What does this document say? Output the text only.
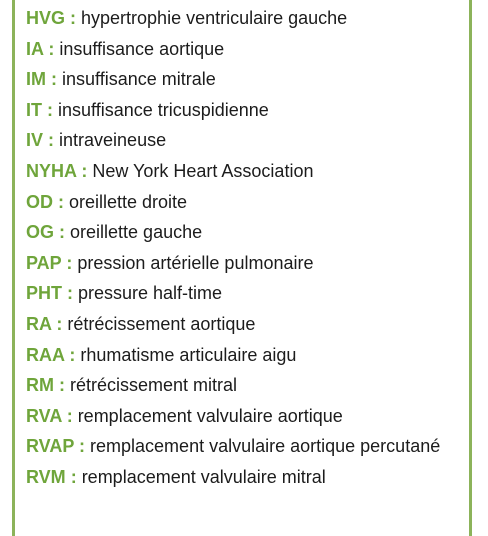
HVG : hypertrophie ventriculaire gauche
IA : insuffisance aortique
IM : insuffisance mitrale
IT : insuffisance tricuspidienne
IV : intraveineuse
NYHA : New York Heart Association
OD : oreillette droite
OG : oreillette gauche
PAP : pression artérielle pulmonaire
PHT : pressure half-time
RA : rétrécissement aortique
RAA : rhumatisme articulaire aigu
RM : rétrécissement mitral
RVA : remplacement valvulaire aortique
RVAP : remplacement valvulaire aortique percutané
RVM : remplacement valvulaire mitral
